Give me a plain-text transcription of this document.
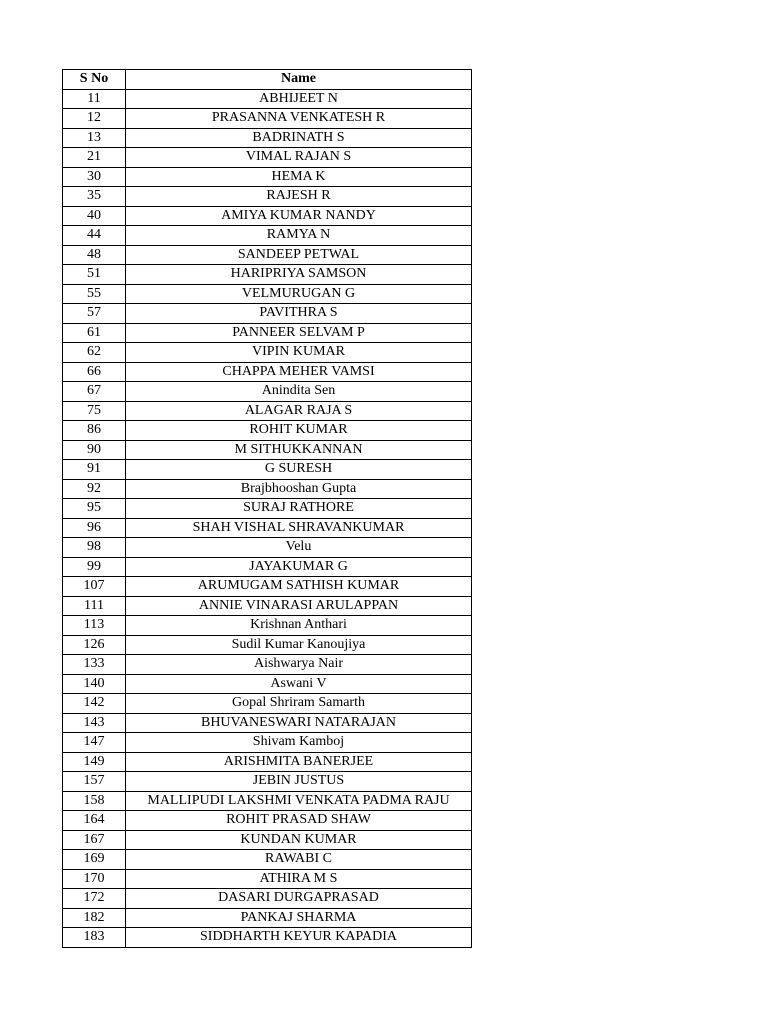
S No	Name
11	ABHIJEET N
12	PRASANNA VENKATESH R
13	BADRINATH S
21	VIMAL RAJAN S
30	HEMA K
35	RAJESH R
40	AMIYA KUMAR NANDY
44	RAMYA N
48	SANDEEP PETWAL
51	HARIPRIYA SAMSON
55	VELMURUGAN G
57	PAVITHRA S
61	PANNEER SELVAM P
62	VIPIN KUMAR
66	CHAPPA MEHER VAMSI
67	Anindita Sen
75	ALAGAR RAJA S
86	ROHIT KUMAR
90	M SITHUKKANNAN
91	G SURESH
92	Brajbhooshan Gupta
95	SURAJ RATHORE
96	SHAH VISHAL SHRAVANKUMAR
98	Velu
99	JAYAKUMAR G
107	ARUMUGAM SATHISH KUMAR
111	ANNIE VINARASI ARULAPPAN
113	Krishnan Anthari
126	Sudil Kumar Kanoujiya
133	Aishwarya Nair
140	Aswani V
142	Gopal Shriram Samarth
143	BHUVANESWARI NATARAJAN
147	Shivam Kamboj
149	ARISHMITA BANERJEE
157	JEBIN JUSTUS
158	MALLIPUDI LAKSHMI VENKATA PADMA RAJU
164	ROHIT PRASAD SHAW
167	KUNDAN KUMAR
169	RAWABI C
170	ATHIRA M S
172	DASARI DURGAPRASAD
182	PANKAJ SHARMA
183	SIDDHARTH KEYUR KAPADIA
